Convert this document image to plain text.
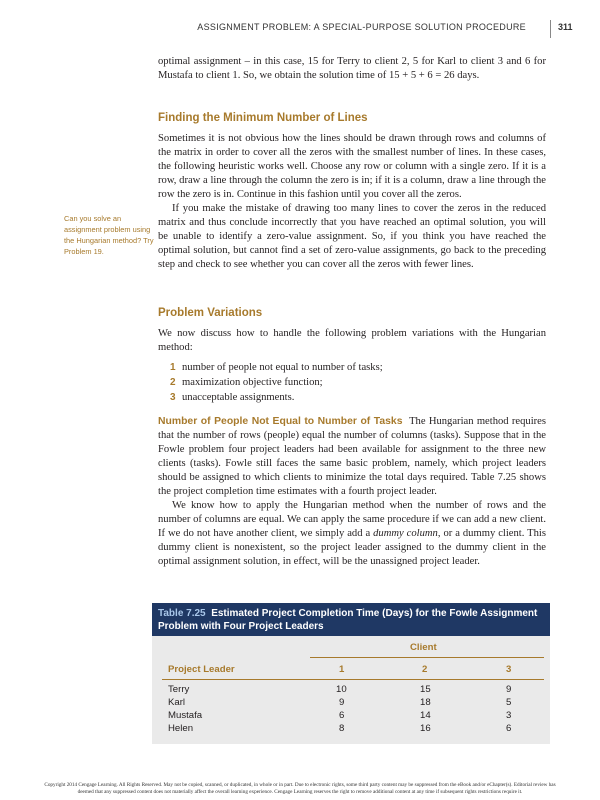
ASSIGNMENT PROBLEM: A SPECIAL-PURPOSE SOLUTION PROCEDURE	311

optimal assignment – in this case, 15 for Terry to client 2, 5 for Karl to client 3 and 6 for Mustafa to client 1. So, we obtain the solution time of 15 + 5 + 6 = 26 days.

Finding the Minimum Number of Lines

Sometimes it is not obvious how the lines should be drawn through rows and columns of the matrix in order to cover all the zeros with the smallest number of lines. In these cases, the following heuristic works well. Choose any row or column with a single zero. If it is a row, draw a line through the column the zero is in; if it is a column, draw a line through the row the zero is in. Continue in this fashion until you cover all the zeros.

If you make the mistake of drawing too many lines to cover the zeros in the reduced matrix and thus conclude incorrectly that you have reached an optimal solution, you will be unable to identify a zero-value assignment. So, if you think you have reached the optimal solution, but cannot find a set of zero-value assignments, go back to the preceding step and check to see whether you can cover all the zeros with fewer lines.

Can you solve an assignment problem using the Hungarian method? Try Problem 19.
Problem Variations

We now discuss how to handle the following problem variations with the Hungarian method:

1 number of people not equal to number of tasks;
2 maximization objective function;
3 unacceptable assignments.

Number of People Not Equal to Number of Tasks The Hungarian method requires that the number of rows (people) equal the number of columns (tasks). Suppose that in the Fowle problem four project leaders had been available for assignment to the three new clients (tasks). Fowle still faces the same basic problem, namely, which project leaders should be assigned to which clients to minimize the total days required. Table 7.25 shows the project completion time estimates with a fourth project leader.

We know how to apply the Hungarian method when the number of rows and the number of columns are equal. We can apply the same procedure if we can add a new client. If we do not have another client, we simply add a dummy column, or a dummy client. This dummy client is nonexistent, so the project leader assigned to the dummy client in the optimal assignment solution, in effect, will be the unassigned project leader.

Table 7.25 Estimated Project Completion Time (Days) for the Fowle Assignment Problem with Four Project Leaders
Client
Project Leader	1	2	3
Terry	10	15	9
Karl	9	18	5
Mustafa	6	14	3
Helen	8	16	6
Copyright 2014 Cengage Learning. All Rights Reserved. May not be copied, scanned, or duplicated, in whole or in part. Due to electronic rights, some third party content may be suppressed from the eBook and/or eChapter(s). Editorial review has
deemed that any suppressed content does not materially affect the overall learning experience. Cengage Learning reserves the right to remove additional content at any time if subsequent rights restrictions require it.
